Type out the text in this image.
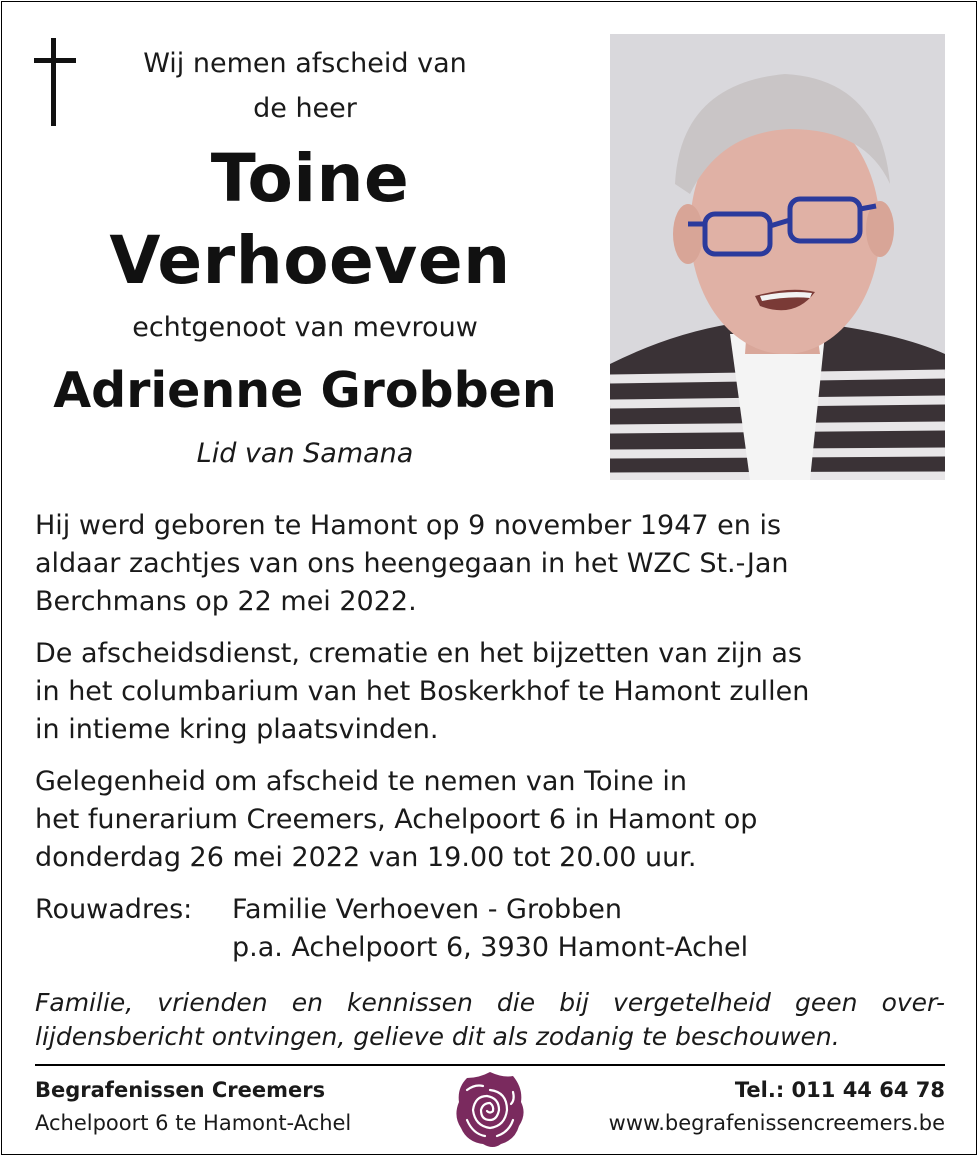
Wij nemen afscheid van
de heer
Toine
Verhoeven
echtgenoot van mevrouw
Adrienne Grobben
Lid van Samana
Hij werd geboren te Hamont op 9 november 1947 en is
aldaar zachtjes van ons heengegaan in het WZC St.-Jan
Berchmans op 22 mei 2022.
De afscheidsdienst, crematie en het bijzetten van zijn as
in het columbarium van het Boskerkhof te Hamont zullen
in intieme kring plaatsvinden.
Gelegenheid om afscheid te nemen van Toine in
het funerarium Creemers, Achelpoort 6 in Hamont op
donderdag 26 mei 2022 van 19.00 tot 20.00 uur.
Rouwadres: Familie Verhoeven - Grobben
p.a. Achelpoort 6, 3930 Hamont-Achel
Familie, vrienden en kennissen die bij vergetelheid geen over-
lijdensbericht ontvingen, gelieve dit als zodanig te beschouwen.
Begrafenissen Creemers
Achelpoort 6 te Hamont-Achel
Tel.: 011 44 64 78
www.begrafenissencreemers.be
